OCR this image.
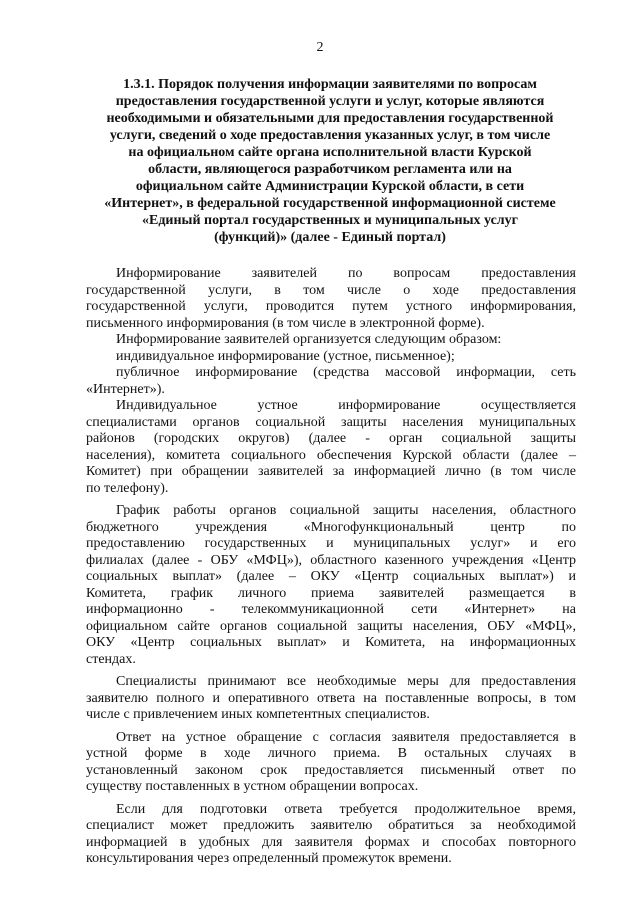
2
1.3.1. Порядок получения информации заявителями по вопросам
предоставления государственной услуги и услуг, которые являются
необходимыми и обязательными для предоставления государственной
услуги, сведений о ходе предоставления указанных услуг, в том числе
на официальном сайте органа исполнительной власти Курской
области, являющегося разработчиком регламента или на
официальном сайте Администрации Курской области, в сети
«Интернет», в федеральной государственной информационной системе
«Единый портал государственных и муниципальных услуг
(функций)» (далее - Единый портал)

Информирование заявителей по вопросам предоставления
государственной услуги, в том числе о ходе предоставления
государственной услуги, проводится путем устного информирования,
письменного информирования (в том числе в электронной форме).

Информирование заявителей организуется следующим образом:

индивидуальное информирование (устное, письменное);

публичное информирование (средства массовой информации, сеть
«Интернет»).

Индивидуальное устное информирование осуществляется
специалистами органов социальной защиты населения муниципальных
районов (городских округов) (далее - орган социальной защиты
населения), комитета социального обеспечения Курской области (далее –
Комитет) при обращении заявителей за информацией лично (в том числе
по телефону).

График работы органов социальной защиты населения, областного
бюджетного учреждения «Многофункциональный центр по
предоставлению государственных и муниципальных услуг» и его
филиалах (далее - ОБУ «МФЦ»), областного казенного учреждения «Центр
социальных выплат» (далее – ОКУ «Центр социальных выплат») и
Комитета, график личного приема заявителей размещается в
информационно - телекоммуникационной сети «Интернет» на
официальном сайте органов социальной защиты населения, ОБУ «МФЦ»,
ОКУ «Центр социальных выплат» и Комитета, на информационных
стендах.

Специалисты принимают все необходимые меры для предоставления
заявителю полного и оперативного ответа на поставленные вопросы, в том
числе с привлечением иных компетентных специалистов.

Ответ на устное обращение с согласия заявителя предоставляется в
устной форме в ходе личного приема. В остальных случаях в
установленный законом срок предоставляется письменный ответ по
существу поставленных в устном обращении вопросах.

Если для подготовки ответа требуется продолжительное время,
специалист может предложить заявителю обратиться за необходимой
информацией в удобных для заявителя формах и способах повторного
консультирования через определенный промежуток времени.
